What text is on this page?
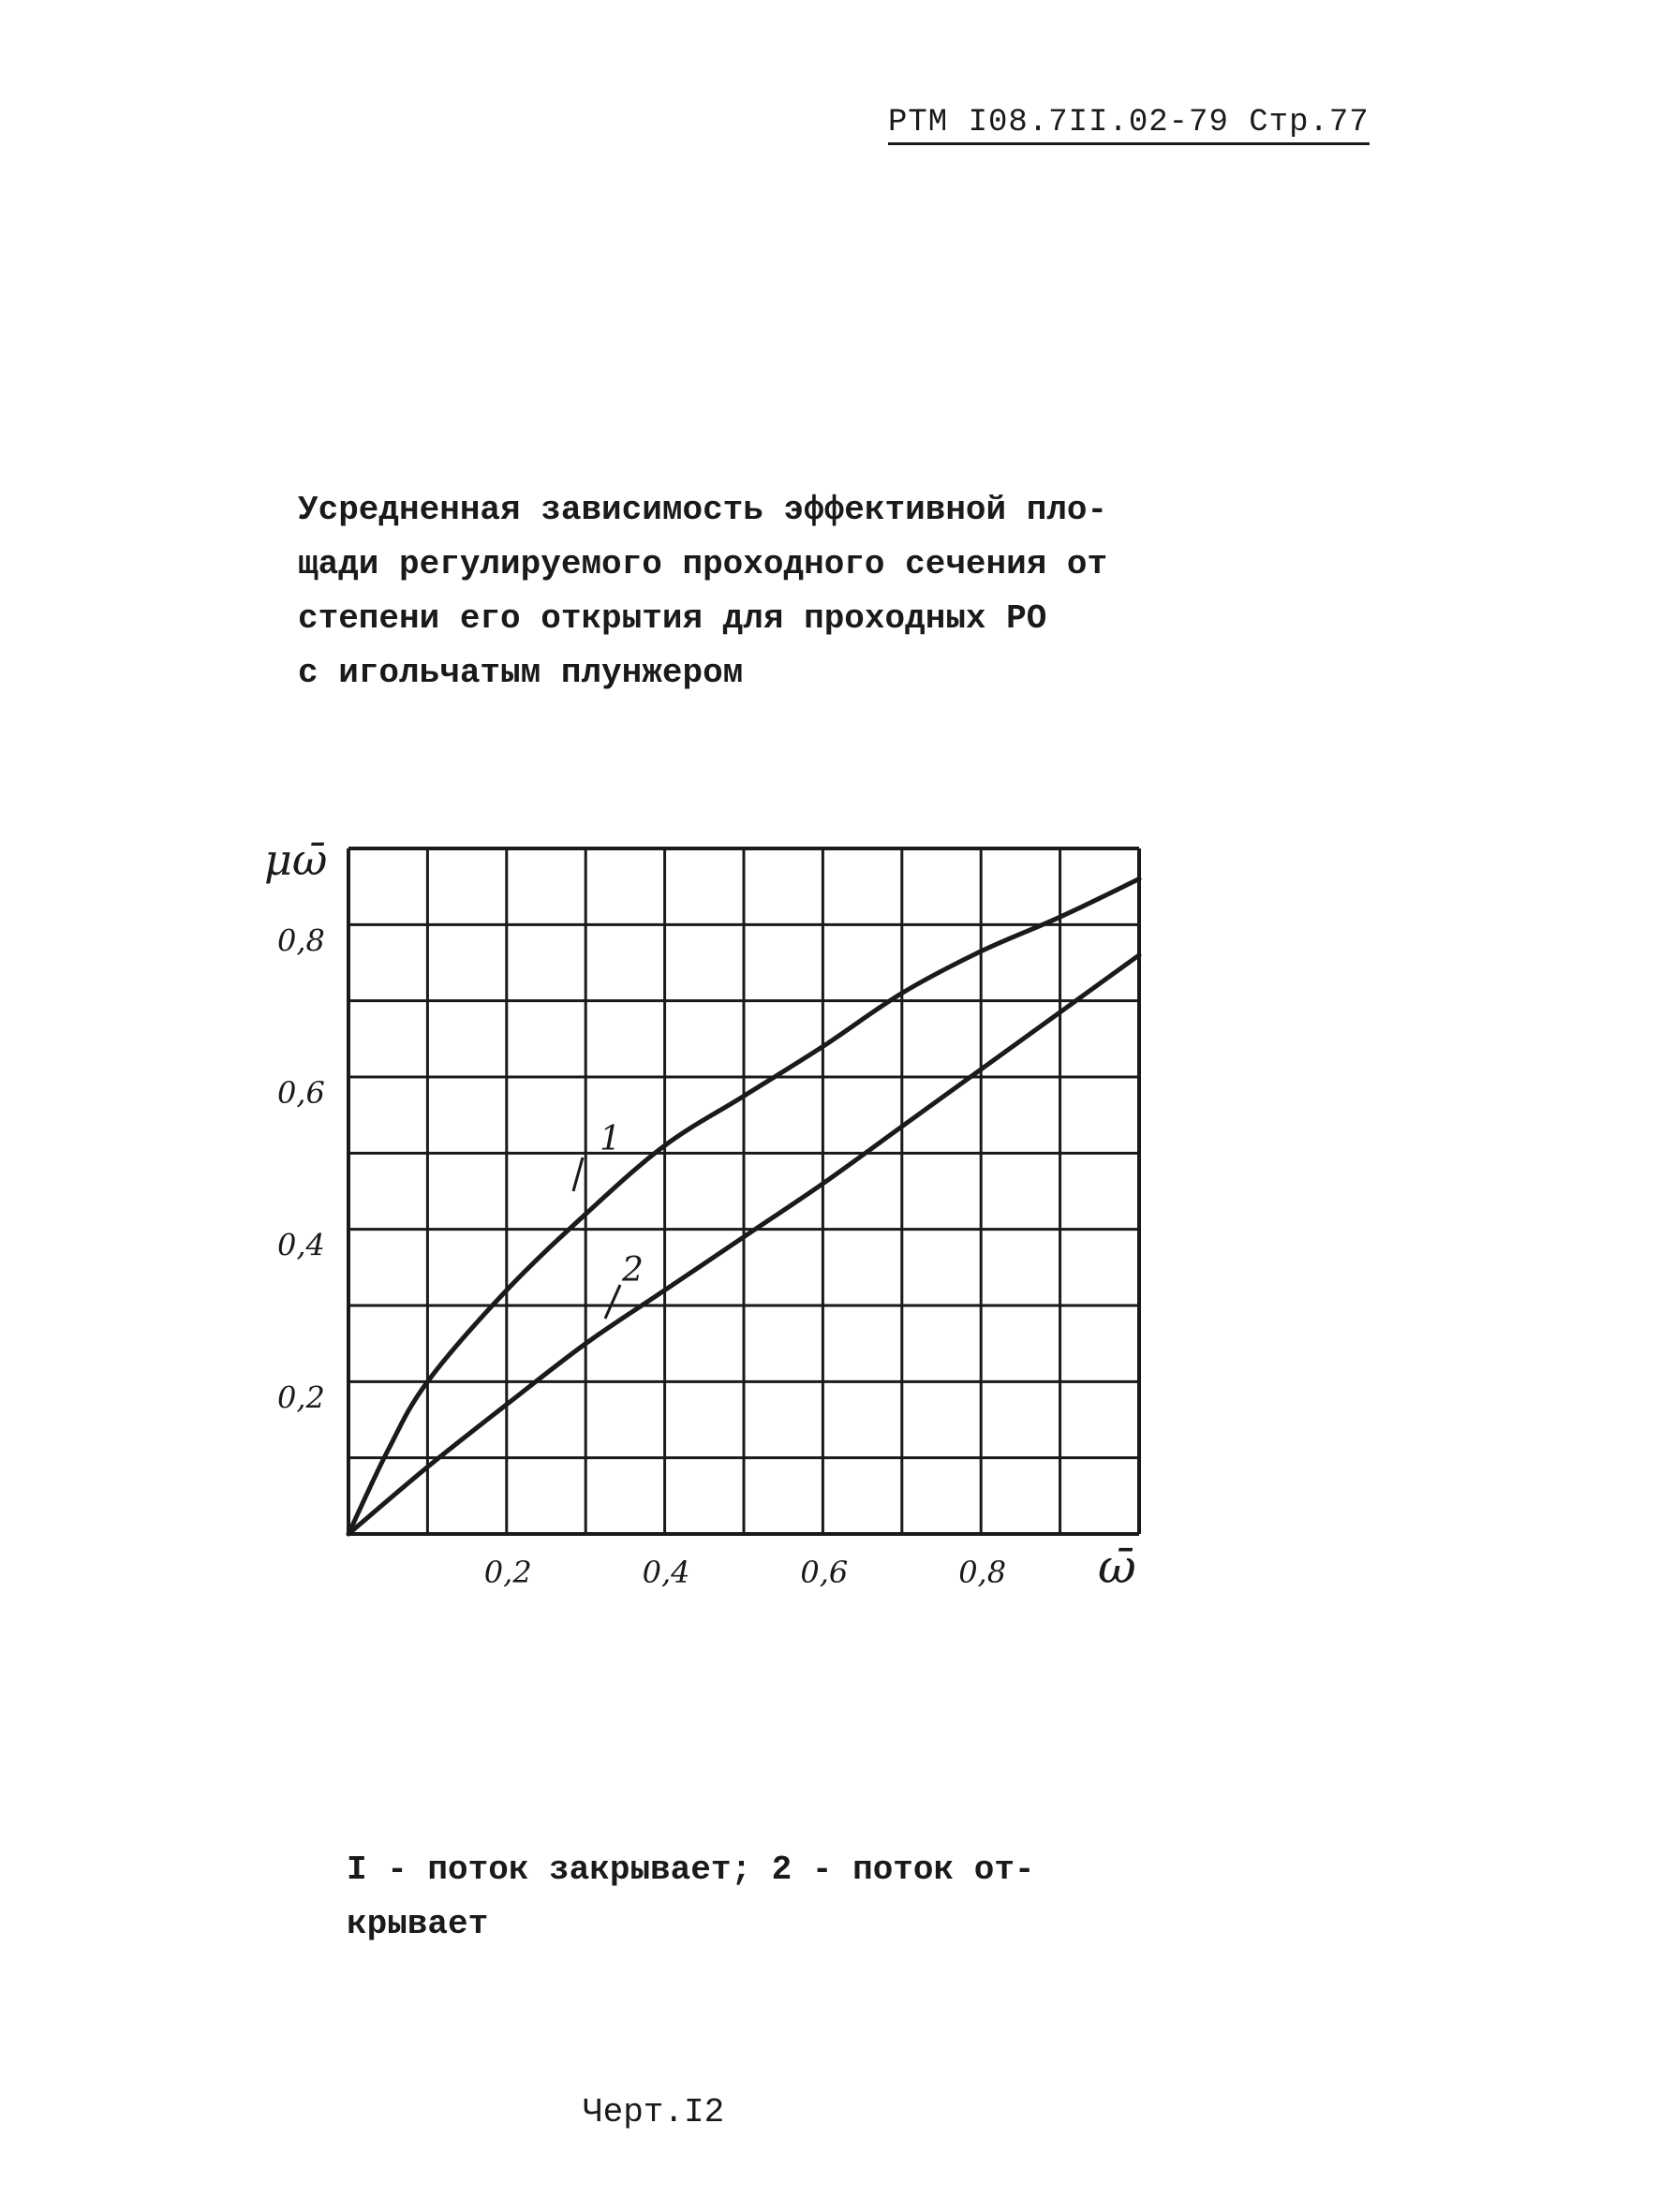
РТМ I08.7II.02-79 Стр.77
Усредненная зависимость эффективной пло-
щади регулируемого проходного сечения от
степени его открытия для проходных РО
с игольчатым плунжером
1
2
0,2	0,4	0,6	0,8
0,2
0,4
0,6
0,8
μω̄
ω̄
I - поток закрывает; 2 - поток от-
крывает
Черт.I2
